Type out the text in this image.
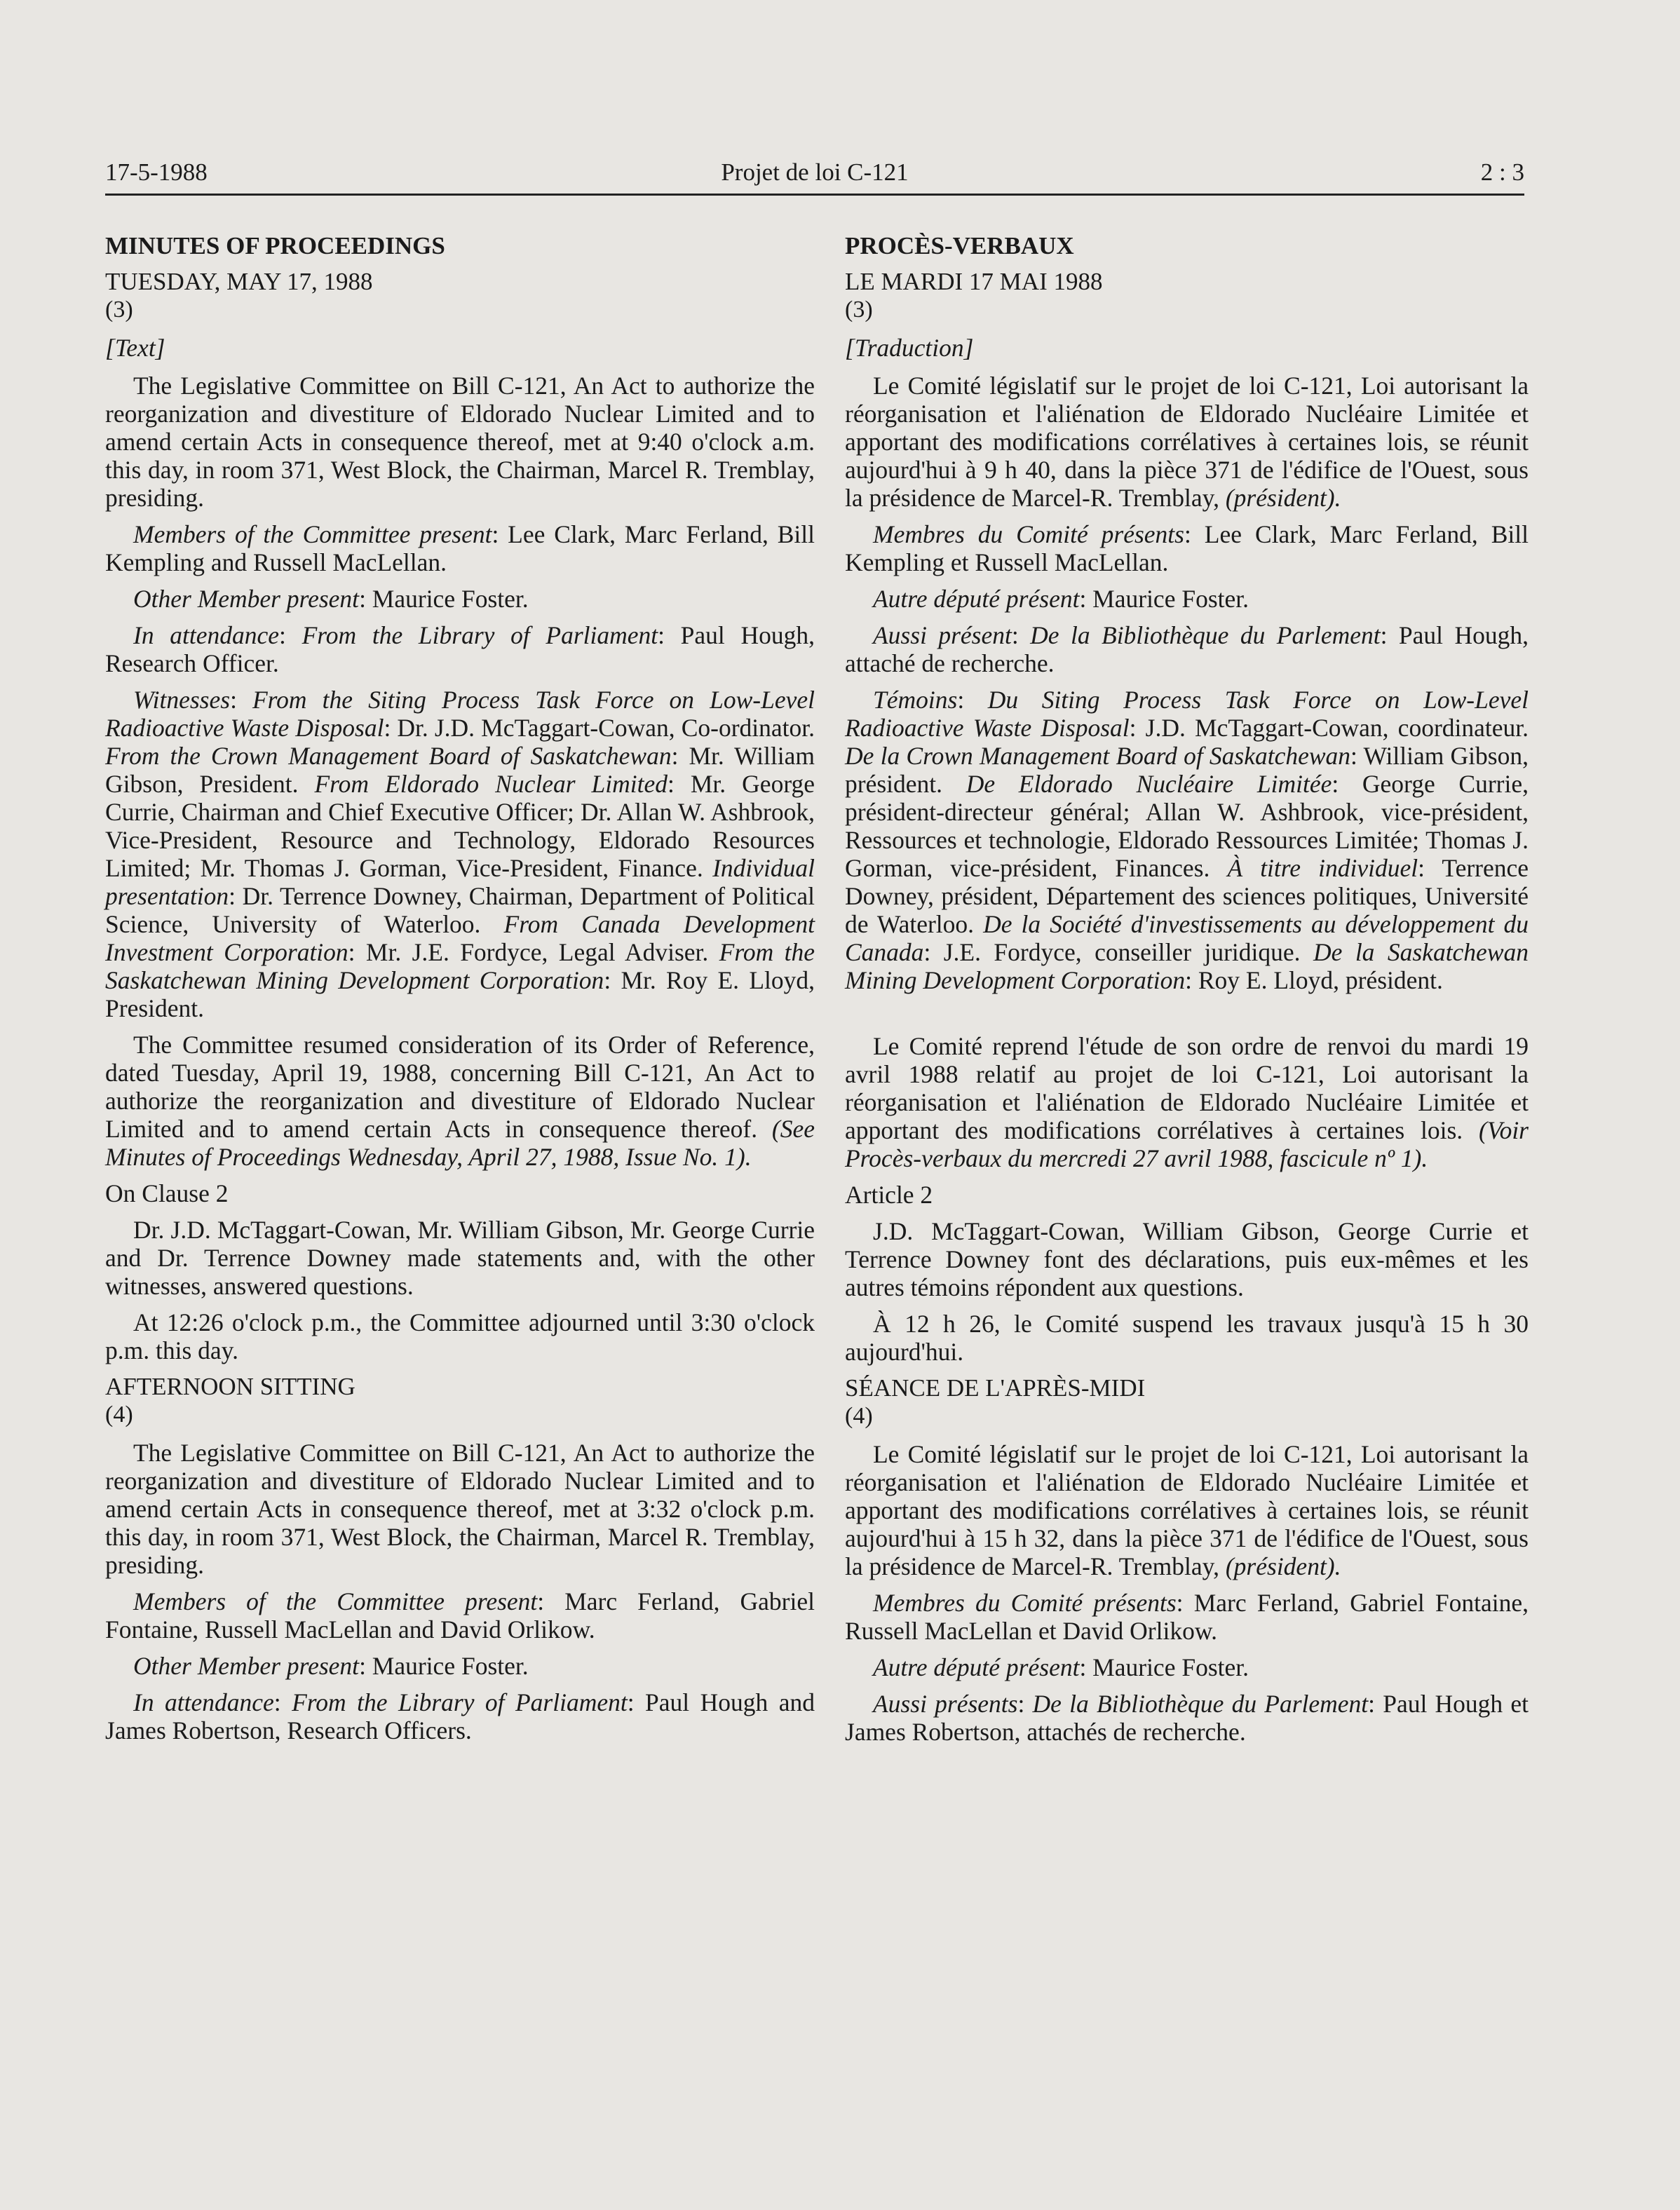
17-5-1988	Projet de loi C-121	2 : 3
MINUTES OF PROCEEDINGS
TUESDAY, MAY 17, 1988
(3)
[Text]

The Legislative Committee on Bill C-121, An Act to authorize the reorganization and divestiture of Eldorado Nuclear Limited and to amend certain Acts in consequence thereof, met at 9:40 o'clock a.m. this day, in room 371, West Block, the Chairman, Marcel R. Tremblay, presiding.

Members of the Committee present: Lee Clark, Marc Ferland, Bill Kempling and Russell MacLellan.

Other Member present: Maurice Foster.

In attendance: From the Library of Parliament: Paul Hough, Research Officer.

Witnesses: From the Siting Process Task Force on Low-Level Radioactive Waste Disposal: Dr. J.D. McTaggart-Cowan, Co-ordinator. From the Crown Management Board of Saskatchewan: Mr. William Gibson, President. From Eldorado Nuclear Limited: Mr. George Currie, Chairman and Chief Executive Officer; Dr. Allan W. Ashbrook, Vice-President, Resource and Technology, Eldorado Resources Limited; Mr. Thomas J. Gorman, Vice-President, Finance. Individual presentation: Dr. Terrence Downey, Chairman, Department of Political Science, University of Waterloo. From Canada Development Investment Corporation: Mr. J.E. Fordyce, Legal Adviser. From the Saskatchewan Mining Development Corporation: Mr. Roy E. Lloyd, President.

The Committee resumed consideration of its Order of Reference, dated Tuesday, April 19, 1988, concerning Bill C-121, An Act to authorize the reorganization and divestiture of Eldorado Nuclear Limited and to amend certain Acts in consequence thereof. (See Minutes of Proceedings Wednesday, April 27, 1988, Issue No. 1).

On Clause 2

Dr. J.D. McTaggart-Cowan, Mr. William Gibson, Mr. George Currie and Dr. Terrence Downey made statements and, with the other witnesses, answered questions.

At 12:26 o'clock p.m., the Committee adjourned until 3:30 o'clock p.m. this day.

AFTERNOON SITTING
(4)

The Legislative Committee on Bill C-121, An Act to authorize the reorganization and divestiture of Eldorado Nuclear Limited and to amend certain Acts in consequence thereof, met at 3:32 o'clock p.m. this day, in room 371, West Block, the Chairman, Marcel R. Tremblay, presiding.

Members of the Committee present: Marc Ferland, Gabriel Fontaine, Russell MacLellan and David Orlikow.

Other Member present: Maurice Foster.

In attendance: From the Library of Parliament: Paul Hough and James Robertson, Research Officers.

PROCÈS-VERBAUX
LE MARDI 17 MAI 1988
(3)
[Traduction]

Le Comité législatif sur le projet de loi C-121, Loi autorisant la réorganisation et l'aliénation de Eldorado Nucléaire Limitée et apportant des modifications corrélatives à certaines lois, se réunit aujourd'hui à 9 h 40, dans la pièce 371 de l'édifice de l'Ouest, sous la présidence de Marcel-R. Tremblay, (président).

Membres du Comité présents: Lee Clark, Marc Ferland, Bill Kempling et Russell MacLellan.

Autre député présent: Maurice Foster.

Aussi présent: De la Bibliothèque du Parlement: Paul Hough, attaché de recherche.

Témoins: Du Siting Process Task Force on Low-Level Radioactive Waste Disposal: J.D. McTaggart-Cowan, coordinateur. De la Crown Management Board of Saskatchewan: William Gibson, président. De Eldorado Nucléaire Limitée: George Currie, président-directeur général; Allan W. Ashbrook, vice-président, Ressources et technologie, Eldorado Ressources Limitée; Thomas J. Gorman, vice-président, Finances. À titre individuel: Terrence Downey, président, Département des sciences politiques, Université de Waterloo. De la Société d'investissements au développement du Canada: J.E. Fordyce, conseiller juridique. De la Saskatchewan Mining Development Corporation: Roy E. Lloyd, président.

Le Comité reprend l'étude de son ordre de renvoi du mardi 19 avril 1988 relatif au projet de loi C-121, Loi autorisant la réorganisation et l'aliénation de Eldorado Nucléaire Limitée et apportant des modifications corrélatives à certaines lois. (Voir Procès-verbaux du mercredi 27 avril 1988, fascicule nº 1).

Article 2

J.D. McTaggart-Cowan, William Gibson, George Currie et Terrence Downey font des déclarations, puis eux-mêmes et les autres témoins répondent aux questions.

À 12 h 26, le Comité suspend les travaux jusqu'à 15 h 30 aujourd'hui.

SÉANCE DE L'APRÈS-MIDI
(4)

Le Comité législatif sur le projet de loi C-121, Loi autorisant la réorganisation et l'aliénation de Eldorado Nucléaire Limitée et apportant des modifications corrélatives à certaines lois, se réunit aujourd'hui à 15 h 32, dans la pièce 371 de l'édifice de l'Ouest, sous la présidence de Marcel-R. Tremblay, (président).

Membres du Comité présents: Marc Ferland, Gabriel Fontaine, Russell MacLellan et David Orlikow.

Autre député présent: Maurice Foster.

Aussi présents: De la Bibliothèque du Parlement: Paul Hough et James Robertson, attachés de recherche.
